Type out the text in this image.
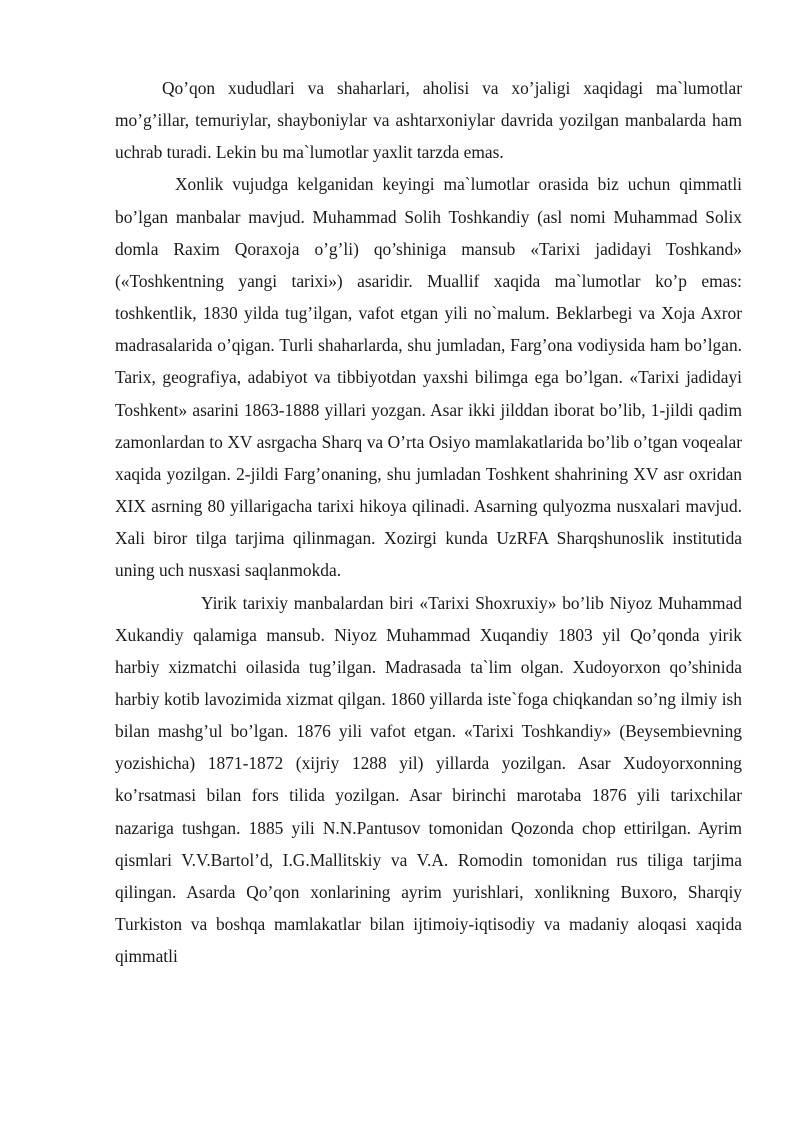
Qo’qon xududlari va shaharlari, aholisi va xo’jaligi xaqidagi ma`lumotlar mo’g’illar, temuriylar, shayboniylar va ashtarxoniylar davrida yozilgan manbalarda ham uchrab turadi. Lekin bu ma`lumotlar yaxlit tarzda emas.

Xonlik vujudga kelganidan keyingi ma`lumotlar orasida biz uchun qimmatli bo’lgan manbalar mavjud. Muhammad Solih Toshkandiy (asl nomi Muhammad Solix domla Raxim Qoraxoja o’g’li) qo’shiniga mansub «Tarixi jadidayi Toshkand» («Toshkentning yangi tarixi») asaridir. Muallif xaqida ma`lumotlar ko’p emas: toshkentlik, 1830 yilda tug’ilgan, vafot etgan yili no`malum. Beklarbegi va Xoja Axror madrasalarida o’qigan. Turli shaharlarda, shu jumladan, Farg’ona vodiysida ham bo’lgan. Tarix, geografiya, adabiyot va tibbiyotdan yaxshi bilimga ega bo’lgan. «Tarixi jadidayi Toshkent» asarini 1863-1888 yillari yozgan. Asar ikki jilddan iborat bo’lib, 1-jildi qadim zamonlardan to XV asrgacha Sharq va O’rta Osiyo mamlakatlarida bo’lib o’tgan voqealar xaqida yozilgan. 2-jildi Farg’onaning, shu jumladan Toshkent shahrining XV asr oxridan XIX asrning 80 yillarigacha tarixi hikoya qilinadi. Asarning qulyozma nusxalari mavjud. Xali biror tilga tarjima qilinmagan. Xozirgi kunda UzRFA Sharqshunoslik institutida uning uch nusxasi saqlanmokda.

Yirik tarixiy manbalardan biri «Tarixi Shoxruxiy» bo’lib Niyoz Muhammad Xukandiy qalamiga mansub. Niyoz Muhammad Xuqandiy 1803 yil Qo’qonda yirik harbiy xizmatchi oilasida tug’ilgan. Madrasada ta`lim olgan. Xudoyorxon qo’shinida harbiy kotib lavozimida xizmat qilgan. 1860 yillarda iste`foga chiqkandan so’ng ilmiy ish bilan mashg’ul bo’lgan. 1876 yili vafot etgan. «Tarixi Toshkandiy» (Beysembievning yozishicha) 1871-1872 (xijriy 1288 yil) yillarda yozilgan. Asar Xudoyorxonning ko’rsatmasi bilan fors tilida yozilgan. Asar birinchi marotaba 1876 yili tarixchilar nazariga tushgan. 1885 yili N.N.Pantusov tomonidan Qozonda chop ettirilgan. Ayrim qismlari V.V.Bartol’d, I.G.Mallitskiy va V.A. Romodin tomonidan rus tiliga tarjima qilingan. Asarda Qo’qon xonlarining ayrim yurishlari, xonlikning Buxoro, Sharqiy Turkiston va boshqa mamlakatlar bilan ijtimoiy-iqtisodiy va madaniy aloqasi xaqida qimmatli
